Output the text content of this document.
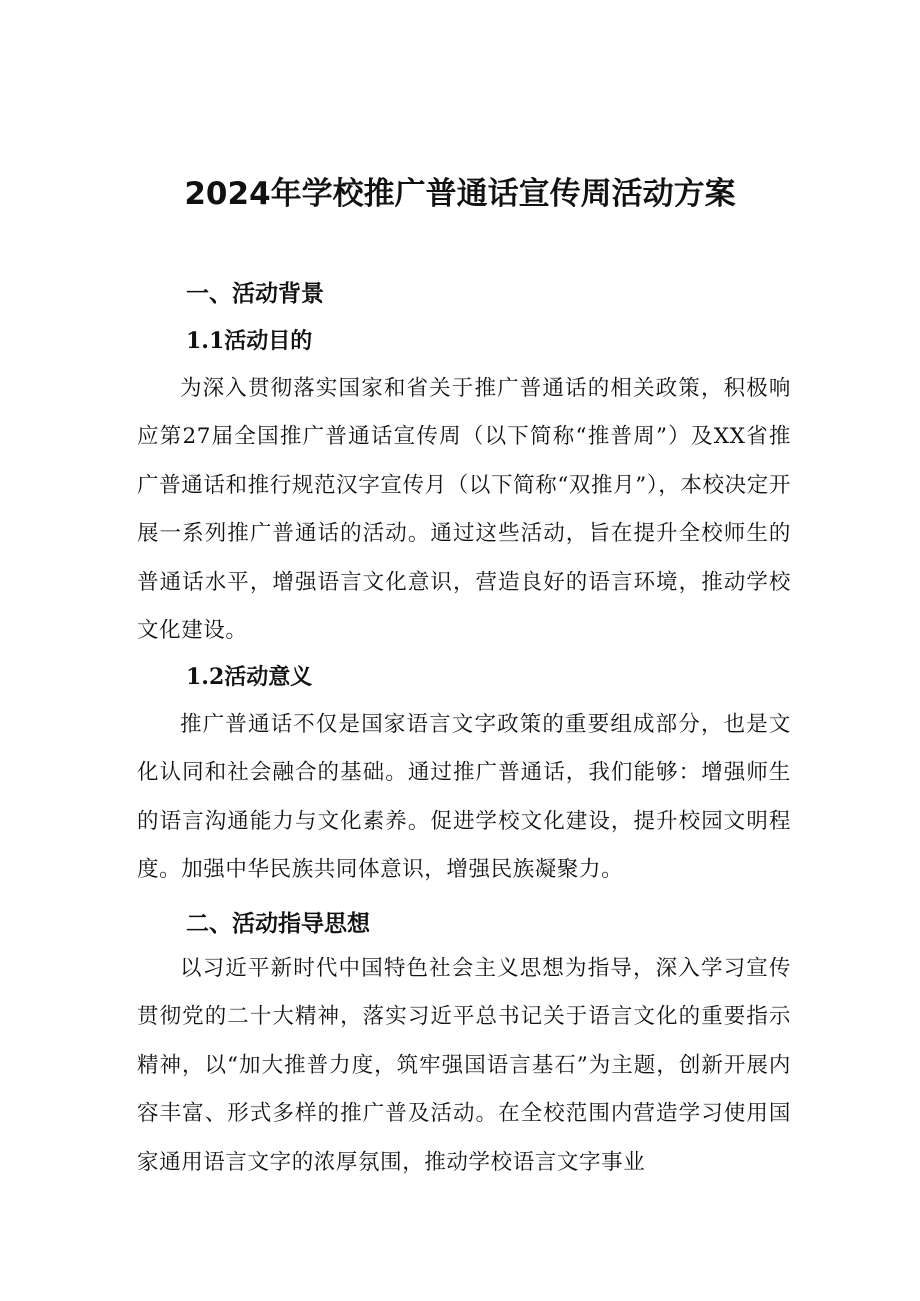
2024年学校推广普通话宣传周活动方案
一、活动背景
1.1活动目的

为深入贯彻落实国家和省关于推广普通话的相关政策，积极响应第27届全国推广普通话宣传周（以下简称“推普周”）及XX省推广普通话和推行规范汉字宣传月（以下简称“双推月”），本校决定开展一系列推广普通话的活动。通过这些活动，旨在提升全校师生的普通话水平，增强语言文化意识，营造良好的语言环境，推动学校文化建设。

1.2活动意义

推广普通话不仅是国家语言文字政策的重要组成部分，也是文化认同和社会融合的基础。通过推广普通话，我们能够：增强师生的语言沟通能力与文化素养。促进学校文化建设，提升校园文明程度。加强中华民族共同体意识，增强民族凝聚力。

二、活动指导思想

以习近平新时代中国特色社会主义思想为指导，深入学习宣传贯彻党的二十大精神，落实习近平总书记关于语言文化的重要指示精神，以“加大推普力度，筑牢强国语言基石”为主题，创新开展内容丰富、形式多样的推广普及活动。在全校范围内营造学习使用国家通用语言文字的浓厚氛围，推动学校语言文字事业
